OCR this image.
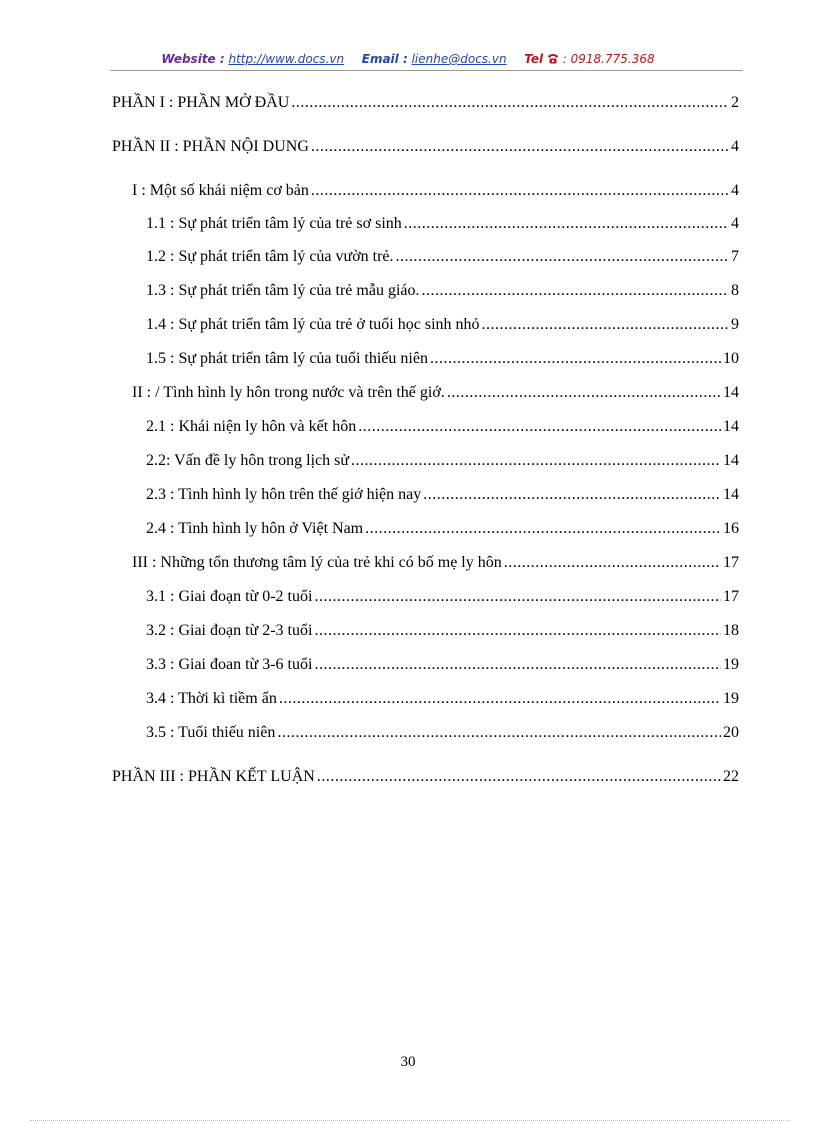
Website : http://www.docs.vn Email : lienhe@docs.vn Tel : 0918.775.368
PHẦN I : PHẦN MỞ ĐẦU .....	2
PHẦN II : PHẦN NỘI DUNG .....	4
I : Một số khái niệm cơ bản .....	4
1.1 : Sự phát triển tâm lý của trẻ sơ sinh .....	4
1.2 : Sự phát triển tâm lý của vườn trẻ. .....	7
1.3 : Sự phát triển tâm lý của trẻ mẫu giáo. .....	8
1.4 : Sự phát triển tâm lý của trẻ ở tuổi học sinh nhỏ .....	9
1.5 : Sự phát triển tâm lý của tuổi thiếu niên .....	10
II : / Tình hình ly hôn trong nước và trên thế giớ. .....	14
2.1 : Khái niện ly hôn và kết hôn .....	14
2.2: Vấn đề ly hôn trong lịch sử .....	14
2.3 : Tình hình ly hôn trên thế giớ hiện nay .....	14
2.4 : Tình hình ly hôn ở Việt Nam .....	16
III : Những tổn thương tâm lý của trẻ khi có bố mẹ ly hôn .....	17
3.1 : Giai đoạn từ 0-2 tuổi .....	17
3.2 : Giai đoạn từ 2-3 tuổi .....	18
3.3 : Giai đoan từ 3-6 tuổi .....	19
3.4 : Thời kì tiềm ẩn .....	19
3.5 : Tuổi thiếu niên .....	20
PHẦN III : PHẦN KẾT LUẬN .....	22
30
